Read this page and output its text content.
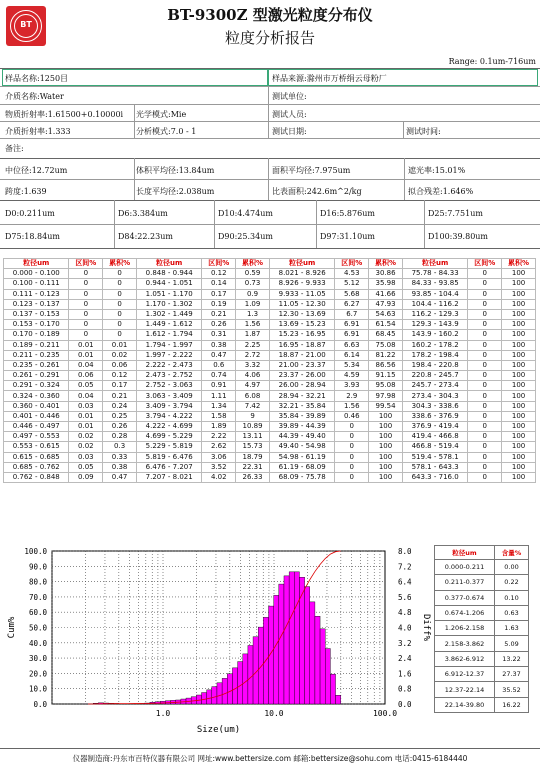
BT
BT-9300Z 型激光粒度分布仪
粒度分析报告
Range: 0.1um-716um
样品名称:1250目	样品来源:滁州市万桥绢云母粉厂
介质名称:Water	测试单位:
物质折射率:1.61500+0.10000i 光学模式:Mie	测试人员:
介质折射率:1.333	分析模式:7.0 - 1	测试日期:	测试时间:
备注:
中位径:12.72um	体积平均径:13.84um	面积平均径:7.975um	遮光率:15.01%
跨度:1.639	长度平均径:2.038um	比表面积:242.6m^2/kg	拟合残差:1.646%
D0:0.211um	D6:3.384um	D10:4.474um	D16:5.876um	D25:7.751um
D75:18.84um	D84:22.23um	D90:25.34um	D97:31.10um	D100:39.80um
粒径um	区间%	累积%	粒径um	区间%	累积%	粒径um	区间%	累积%	粒径um	区间%	累积%
0.000 - 0.100	0	0	0.848 - 0.944	0.12	0.59	8.021 - 8.926	4.53	30.86	75.78 - 84.33	0	100
0.100 - 0.111	0	0	0.944 - 1.051	0.14	0.73	8.926 - 9.933	5.12	35.98	84.33 - 93.85	0	100
0.111 - 0.123	0	0	1.051 - 1.170	0.17	0.9	9.933 - 11.05	5.68	41.66	93.85 - 104.4	0	100
0.123 - 0.137	0	0	1.170 - 1.302	0.19	1.09	11.05 - 12.30	6.27	47.93	104.4 - 116.2	0	100
0.137 - 0.153	0	0	1.302 - 1.449	0.21	1.3	12.30 - 13.69	6.7	54.63	116.2 - 129.3	0	100
0.153 - 0.170	0	0	1.449 - 1.612	0.26	1.56	13.69 - 15.23	6.91	61.54	129.3 - 143.9	0	100
0.170 - 0.189	0	0	1.612 - 1.794	0.31	1.87	15.23 - 16.95	6.91	68.45	143.9 - 160.2	0	100
0.189 - 0.211	0.01	0.01	1.794 - 1.997	0.38	2.25	16.95 - 18.87	6.63	75.08	160.2 - 178.2	0	100
0.211 - 0.235	0.01	0.02	1.997 - 2.222	0.47	2.72	18.87 - 21.00	6.14	81.22	178.2 - 198.4	0	100
0.235 - 0.261	0.04	0.06	2.222 - 2.473	0.6	3.32	21.00 - 23.37	5.34	86.56	198.4 - 220.8	0	100
0.261 - 0.291	0.06	0.12	2.473 - 2.752	0.74	4.06	23.37 - 26.00	4.59	91.15	220.8 - 245.7	0	100
0.291 - 0.324	0.05	0.17	2.752 - 3.063	0.91	4.97	26.00 - 28.94	3.93	95.08	245.7 - 273.4	0	100
0.324 - 0.360	0.04	0.21	3.063 - 3.409	1.11	6.08	28.94 - 32.21	2.9	97.98	273.4 - 304.3	0	100
0.360 - 0.401	0.03	0.24	3.409 - 3.794	1.34	7.42	32.21 - 35.84	1.56	99.54	304.3 - 338.6	0	100
0.401 - 0.446	0.01	0.25	3.794 - 4.222	1.58	9	35.84 - 39.89	0.46	100	338.6 - 376.9	0	100
0.446 - 0.497	0.01	0.26	4.222 - 4.699	1.89	10.89	39.89 - 44.39	0	100	376.9 - 419.4	0	100
0.497 - 0.553	0.02	0.28	4.699 - 5.229	2.22	13.11	44.39 - 49.40	0	100	419.4 - 466.8	0	100
0.553 - 0.615	0.02	0.3	5.229 - 5.819	2.62	15.73	49.40 - 54.98	0	100	466.8 - 519.4	0	100
0.615 - 0.685	0.03	0.33	5.819 - 6.476	3.06	18.79	54.98 - 61.19	0	100	519.4 - 578.1	0	100
0.685 - 0.762	0.05	0.38	6.476 - 7.207	3.52	22.31	61.19 - 68.09	0	100	578.1 - 643.3	0	100
0.762 - 0.848	0.09	0.47	7.207 - 8.021	4.02	26.33	68.09 - 75.78	0	100	643.3 - 716.0	0	100
100.0	8.0
90.0	7.2
80.0	6.4
70.0	5.6
60.0	4.8
50.0	4.0
40.0	3.2
30.0	2.4
20.0	1.6
10.0	0.8
0.0	0.0
1.0	10.0	100.0
Size(um)
Cum%	Diff%
粒径um	含量%
0.000-0.211	0.00
0.211-0.377	0.22
0.377-0.674	0.10
0.674-1.206	0.63
1.206-2.158	1.63
2.158-3.862	5.09
3.862-6.912	13.22
6.912-12.37	27.37
12.37-22.14	35.52
22.14-39.80	16.22
仪器制造商:丹东市百特仪器有限公司 网址:www.bettersize.com 邮箱:bettersize@sohu.com 电话:0415-6184440
